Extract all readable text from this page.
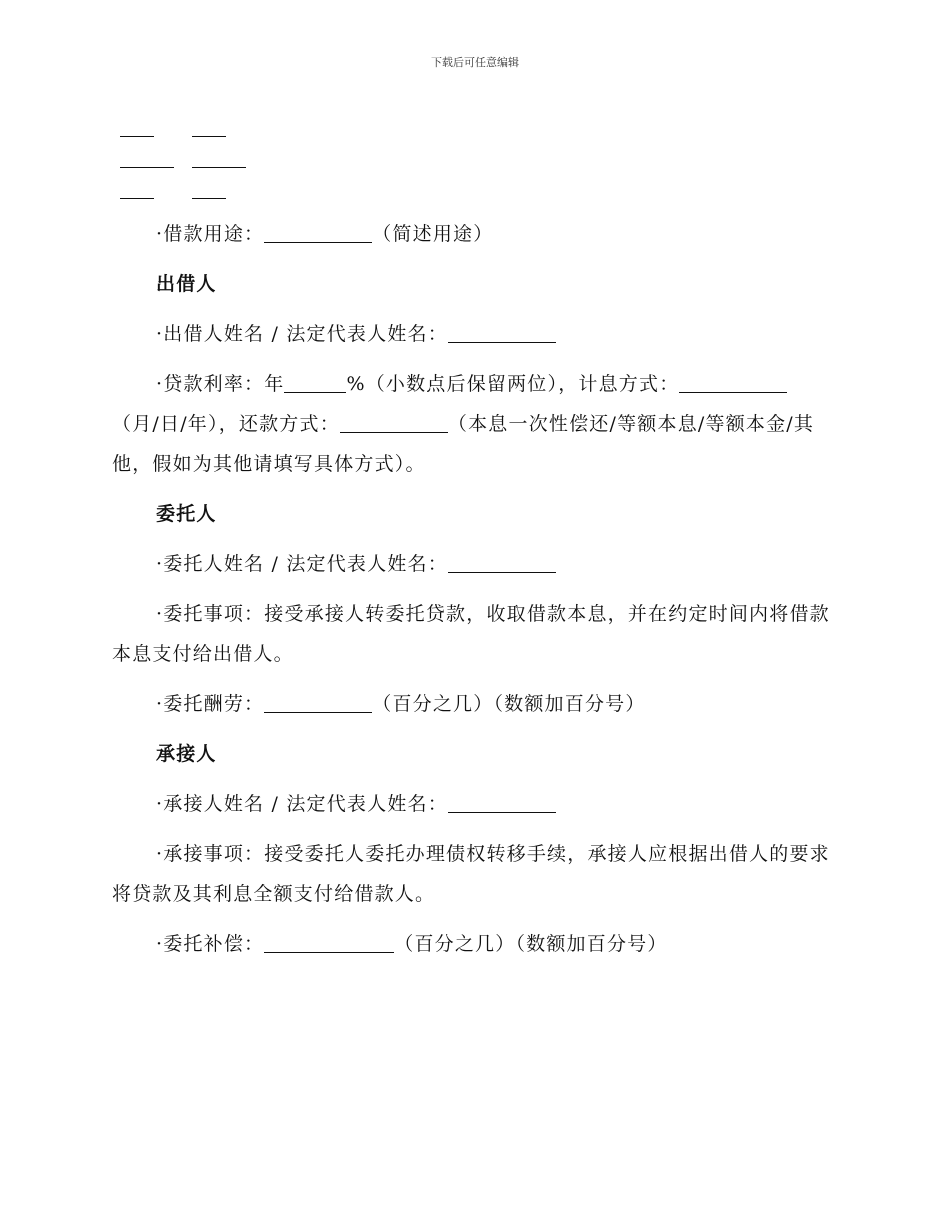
下载后可任意编辑

·借款用途：	（简述用途）

出借人

·出借人姓名 / 法定代表人姓名：

·贷款利率：年	%（小数点后保留两位），计息方式：（月/日/年），还款方式：	（本息一次性偿还/等额本息/等额本金/其他，假如为其他请填写具体方式）。

委托人

·委托人姓名 / 法定代表人姓名：

·委托事项：接受承接人转委托贷款，收取借款本息，并在约定时间内将借款本息支付给出借人。

·委托酬劳：	（百分之几）（数额加百分号）

承接人

·承接人姓名 / 法定代表人姓名：

·承接事项：接受委托人委托办理债权转移手续，承接人应根据出借人的要求将贷款及其利息全额支付给借款人。

·委托补偿：	（百分之几）（数额加百分号）
